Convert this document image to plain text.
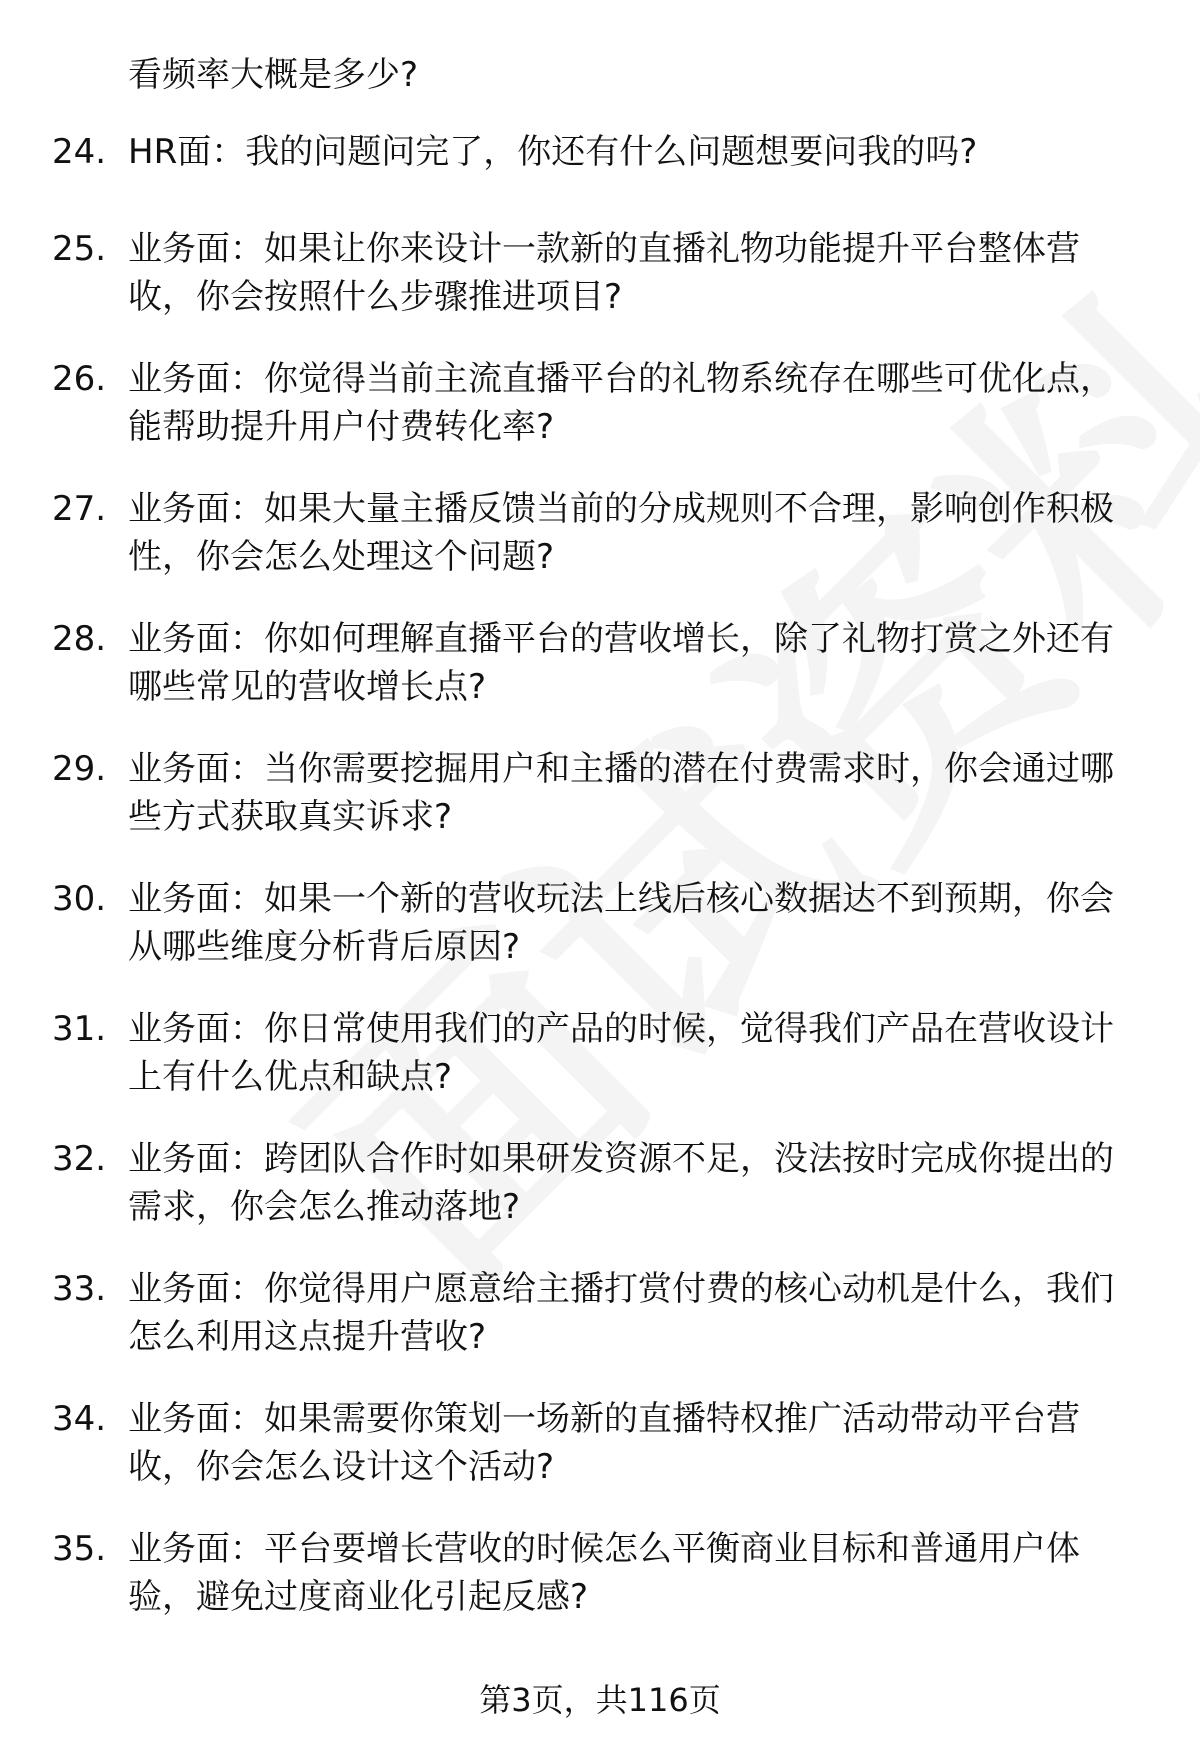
看频率大概是多少?

24. HR面：我的问题问完了，你还有什么问题想要问我的吗?
25. 业务面：如果让你来设计一款新的直播礼物功能提升平台整体营收，你会按照什么步骤推进项目?
26. 业务面：你觉得当前主流直播平台的礼物系统存在哪些可优化点，能帮助提升用户付费转化率?
27. 业务面：如果大量主播反馈当前的分成规则不合理，影响创作积极性，你会怎么处理这个问题?
28. 业务面：你如何理解直播平台的营收增长，除了礼物打赏之外还有哪些常见的营收增长点?
29. 业务面：当你需要挖掘用户和主播的潜在付费需求时，你会通过哪些方式获取真实诉求?
30. 业务面：如果一个新的营收玩法上线后核心数据达不到预期，你会从哪些维度分析背后原因?
31. 业务面：你日常使用我们的产品的时候，觉得我们产品在营收设计上有什么优点和缺点?
32. 业务面：跨团队合作时如果研发资源不足，没法按时完成你提出的需求，你会怎么推动落地?
33. 业务面：你觉得用户愿意给主播打赏付费的核心动机是什么，我们怎么利用这点提升营收?
34. 业务面：如果需要你策划一场新的直播特权推广活动带动平台营收，你会怎么设计这个活动?
35. 业务面：平台要增长营收的时候怎么平衡商业目标和普通用户体验，避免过度商业化引起反感?
第3页，共116页
